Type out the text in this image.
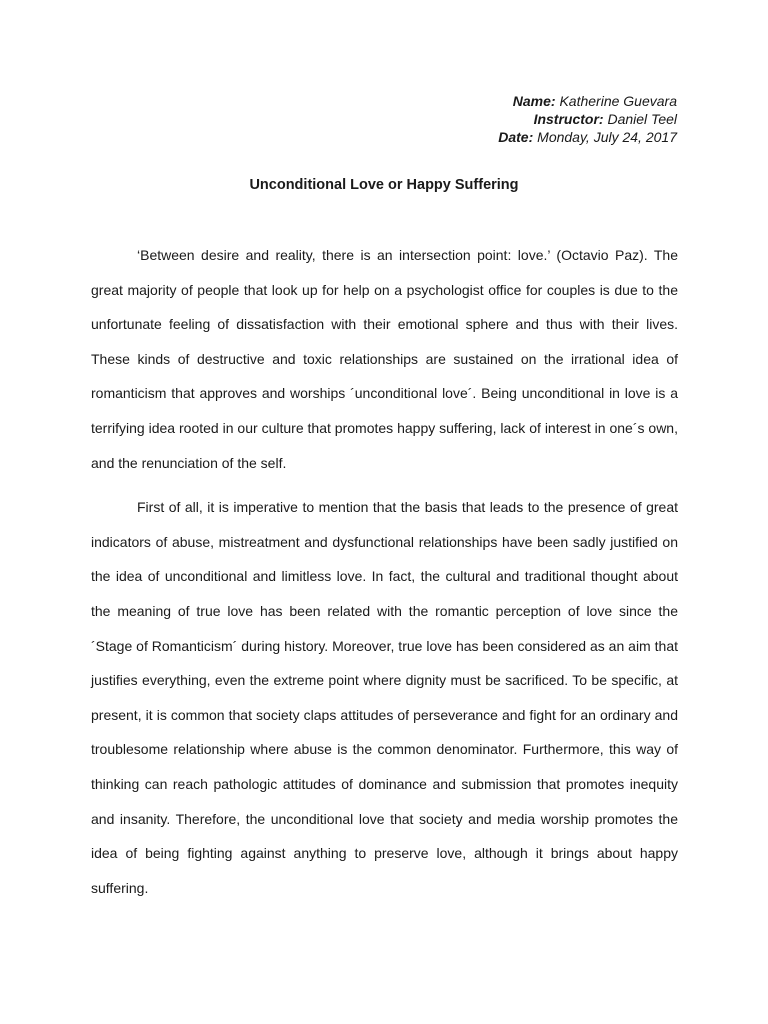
Name: Katherine Guevara
Instructor: Daniel Teel
Date: Monday, July 24, 2017
Unconditional Love or Happy Suffering

‘Between desire and reality, there is an intersection point: love.’ (Octavio Paz). The great majority of people that look up for help on a psychologist office for couples is due to the unfortunate feeling of dissatisfaction with their emotional sphere and thus with their lives. These kinds of destructive and toxic relationships are sustained on the irrational idea of romanticism that approves and worships ´unconditional love´. Being unconditional in love is a terrifying idea rooted in our culture that promotes happy suffering, lack of interest in one´s own, and the renunciation of the self.

First of all, it is imperative to mention that the basis that leads to the presence of great indicators of abuse, mistreatment and dysfunctional relationships have been sadly justified on the idea of unconditional and limitless love. In fact, the cultural and traditional thought about the meaning of true love has been related with the romantic perception of love since the ´Stage of Romanticism´ during history. Moreover, true love has been considered as an aim that justifies everything, even the extreme point where dignity must be sacrificed. To be specific, at present, it is common that society claps attitudes of perseverance and fight for an ordinary and troublesome relationship where abuse is the common denominator. Furthermore, this way of thinking can reach pathologic attitudes of dominance and submission that promotes inequity and insanity. Therefore, the unconditional love that society and media worship promotes the idea of being fighting against anything to preserve love, although it brings about happy suffering.
